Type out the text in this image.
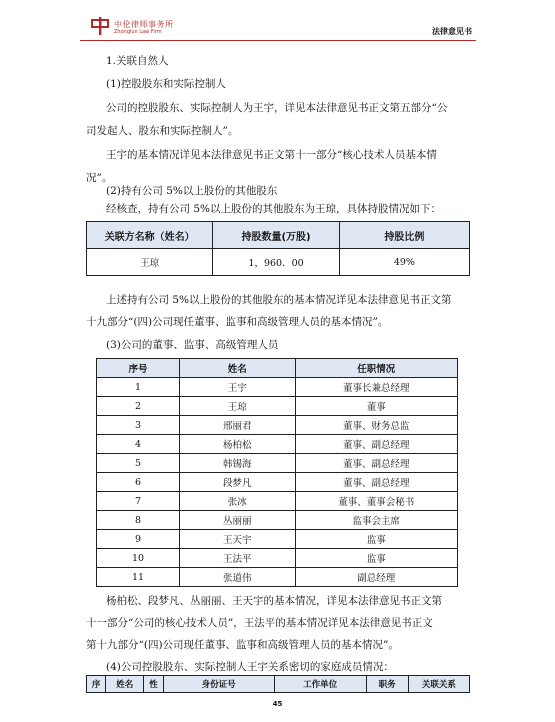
中伦律师事务所
Zhonglun Law Firm	法律意见书
1.关联自然人
(1)控股股东和实际控制人
公司的控股股东、实际控制人为王宇，详见本法律意见书正文第五部分“公
司发起人、股东和实际控制人”。
王宇的基本情况详见本法律意见书正文第十一部分“核心技术人员基本情
况”。
(2)持有公司 5%以上股份的其他股东
经核查，持有公司 5%以上股份的其他股东为王琼，具体持股情况如下：
关联方名称（姓名）	持股数量(万股)	持股比例
王琼	1，960．00	49%
上述持有公司 5%以上股份的其他股东的基本情况详见本法律意见书正文第
十九部分“(四)公司现任董事、监事和高级管理人员的基本情况”。
(3)公司的董事、监事、高级管理人员
序号	姓名	任职情况
1	王宇	董事长兼总经理
2	王琼	董事
3	邢丽君	董事、财务总监
4	杨柏松	董事、副总经理
5	韩锡海	董事、副总经理
6	段梦凡	董事、副总经理
7	张冰	董事、董事会秘书
8	丛丽丽	监事会主席
9	王天宇	监事
10	王法平	监事
11	张道伟	副总经理
杨柏松、段梦凡、丛丽丽、王天宇的基本情况，详见本法律意见书正文第
十一部分“公司的核心技术人员”，王法平的基本情况详见本法律意见书正文
第十九部分“(四)公司现任董事、监事和高级管理人员的基本情况”。
(4)公司控股股东、实际控制人王宇关系密切的家庭成员情况：
序	姓名	性	身份证号	工作单位	职务	关联关系
45
